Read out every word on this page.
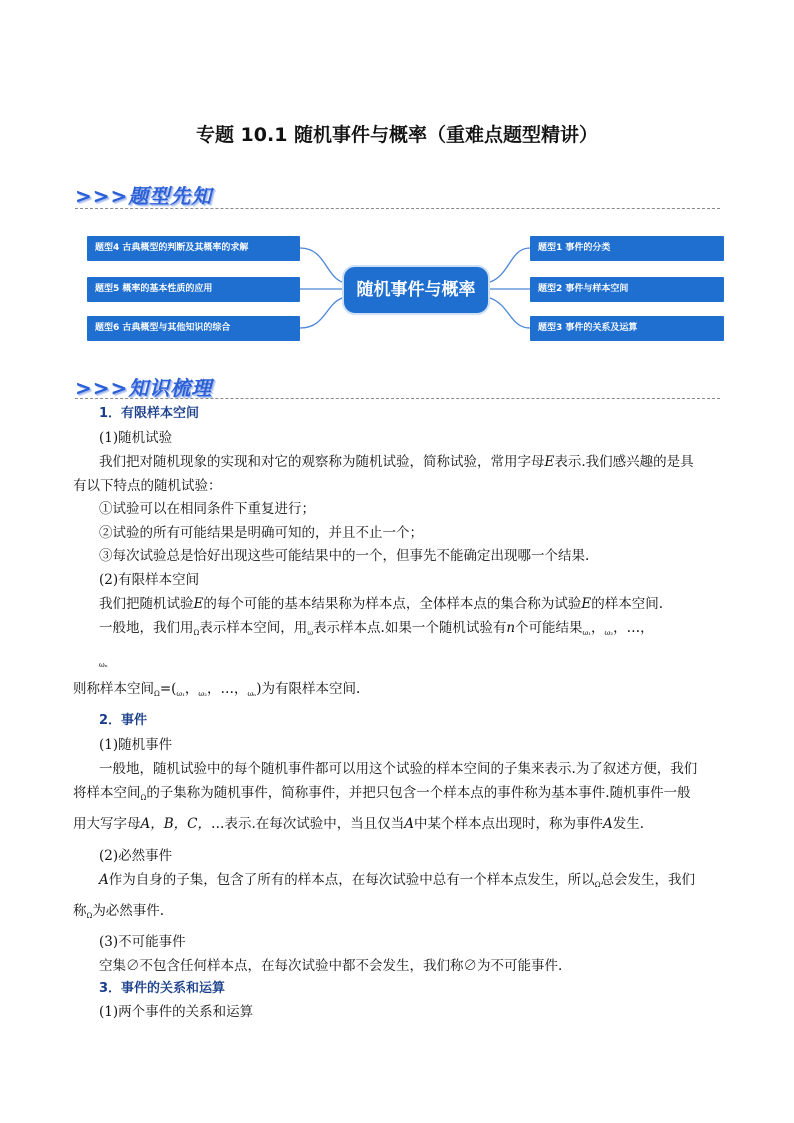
专题 10.1 随机事件与概率（重难点题型精讲）
>>>题型先知
题型4 古典概型的判断及其概率的求解
题型5 概率的基本性质的应用
题型6 古典概型与其他知识的综合
随机事件与概率
题型1 事件的分类
题型2 事件与样本空间
题型3 事件的关系及运算
>>>知识梳理
1．有限样本空间
(1)随机试验
我们把对随机现象的实现和对它的观察称为随机试验，简称试验，常用字母E表示.我们感兴趣的是具
有以下特点的随机试验：
①试验可以在相同条件下重复进行；
②试验的所有可能结果是明确可知的，并且不止一个；
③每次试验总是恰好出现这些可能结果中的一个，但事先不能确定出现哪一个结果.
(2)有限样本空间
我们把随机试验E的每个可能的基本结果称为样本点，全体样本点的集合称为试验E的样本空间.
一般地，我们用$_\Omega$表示样本空间，用$_\omega$表示样本点.如果一个随机试验有n个可能结果$_{\omega_1}$，$_{\omega_2}$，…，
$_{\omega_n}$
则称样本空间$_\Omega=(_{\omega_1}$，$_{\omega_2}$，…，$_{\omega_n}$)为有限样本空间.
2．事件
(1)随机事件
一般地，随机试验中的每个随机事件都可以用这个试验的样本空间的子集来表示.为了叙述方便，我们
将样本空间$_\Omega$的子集称为随机事件，简称事件，并把只包含一个样本点的事件称为基本事件.随机事件一般
用大写字母A，B，C，…表示.在每次试验中，当且仅当A中某个样本点出现时，称为事件A发生.
(2)必然事件
A作为自身的子集，包含了所有的样本点，在每次试验中总有一个样本点发生，所以$_\Omega$总会发生，我们
称$_\Omega$为必然事件.
(3)不可能事件
空集∅不包含任何样本点，在每次试验中都不会发生，我们称∅为不可能事件.
3．事件的关系和运算
(1)两个事件的关系和运算
